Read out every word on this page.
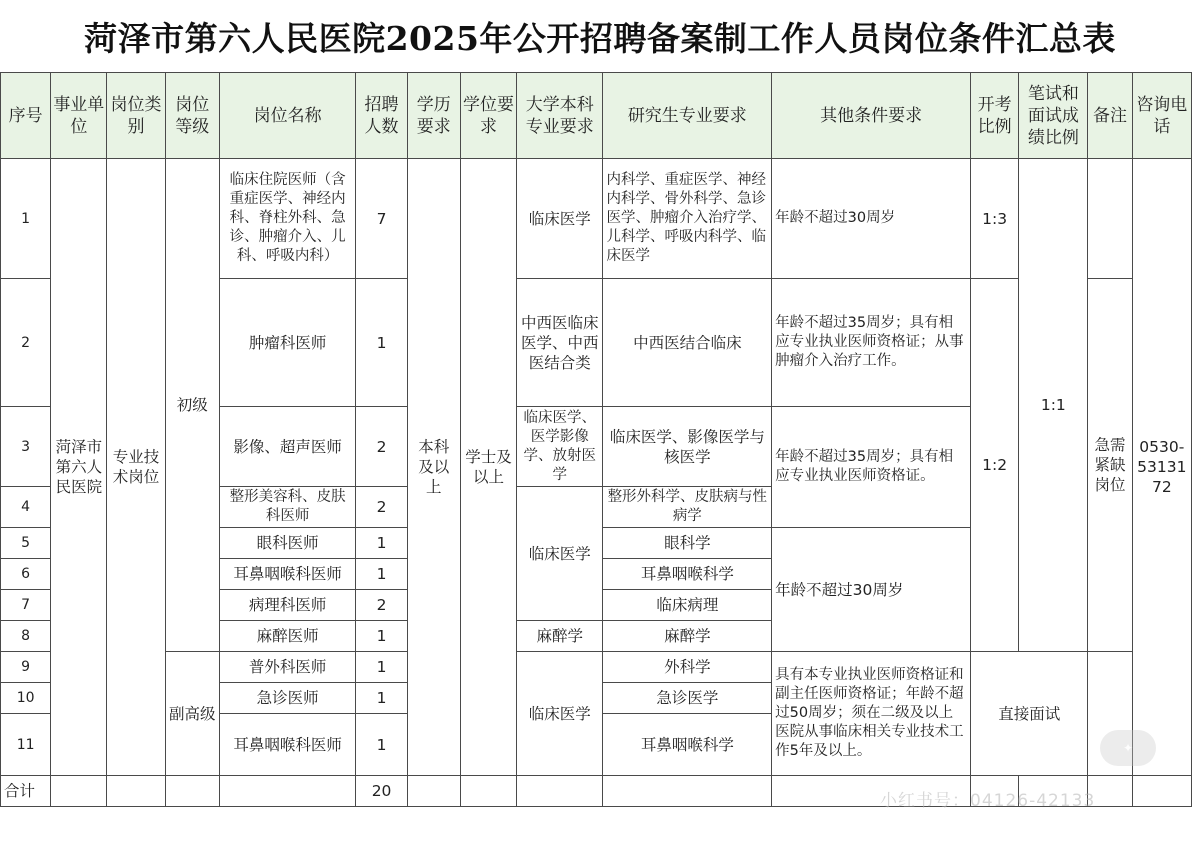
菏泽市第六人民医院2025年公开招聘备案制工作人员岗位条件汇总表
序号	事业单位	岗位类别	岗位等级	岗位名称	招聘人数	学历要求	学位要求	大学本科专业要求	研究生专业要求	其他条件要求	开考比例	笔试和面试成绩比例	备注	咨询电话
1	菏泽市第六人民医院	专业技术岗位	初级	临床住院医师（含重症医学、神经内科、脊柱外科、急诊、肿瘤介入、儿科、呼吸内科）	7	本科及以上	学士及以上	临床医学	内科学、重症医学、神经内科学、骨外科学、急诊医学、肿瘤介入治疗学、儿科学、呼吸内科学、临床医学	年龄不超过30周岁	1:3	1:1		0530-5313172
2				肿瘤科医师	1			中西医临床医学、中西医结合类	中西医结合临床	年龄不超过35周岁；具有相应专业执业医师资格证；从事肿瘤介入治疗工作。	1:2		急需紧缺岗位	
3				影像、超声医师	2			临床医学、医学影像学、放射医学	临床医学、影像医学与核医学	年龄不超过35周岁；具有相应专业执业医师资格证。				
4				整形美容科、皮肤科医师	2			临床医学	整形外科学、皮肤病与性病学					
5				眼科医师	1				眼科学	年龄不超过30周岁				
6				耳鼻咽喉科医师	1				耳鼻咽喉科学					
7				病理科医师	2				临床病理					
8				麻醉医师	1			麻醉学	麻醉学					
9			副高级	普外科医师	1			临床医学	外科学	具有本专业执业医师资格证和副主任医师资格证；年龄不超过50周岁；须在二级及以上医院从事临床相关专业技术工作5年及以上。	直接面试			
10				急诊医师	1				急诊医学					
11				耳鼻咽喉科医师	1				耳鼻咽喉科学					
合计					20									
✦
小红书号：04126-42133
